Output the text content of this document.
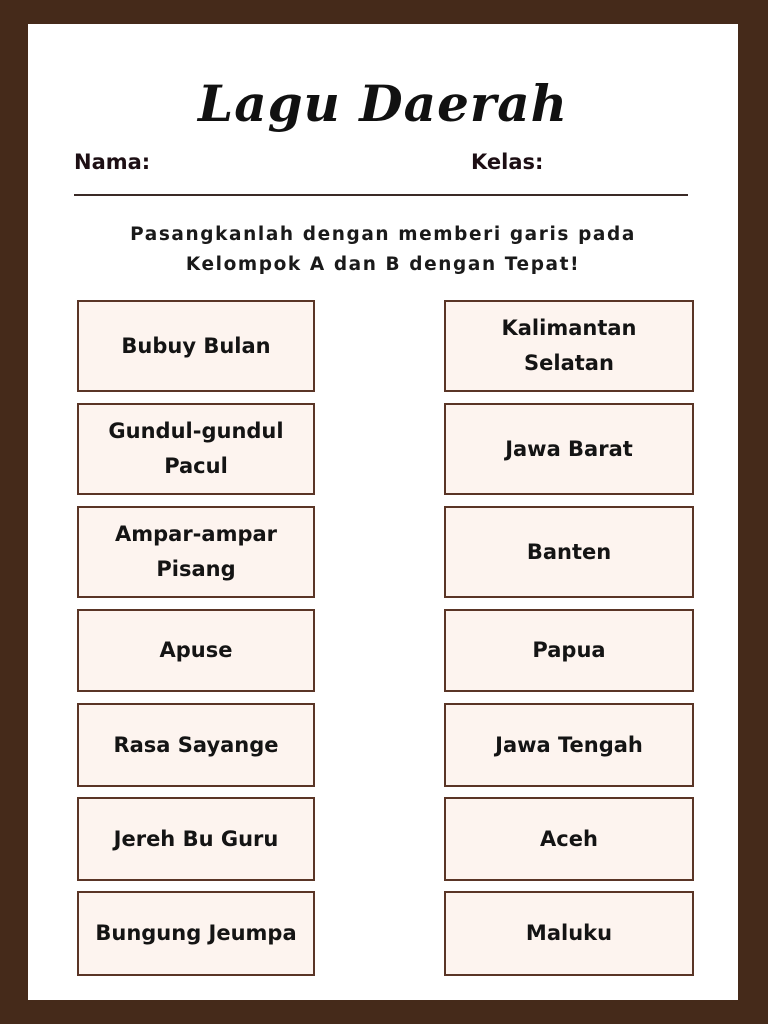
Lagu Daerah
Nama:	Kelas:
Pasangkanlah dengan memberi garis pada
Kelompok A dan B dengan Tepat!
Bubuy Bulan
Gundul-gundul
Pacul
Ampar-ampar
Pisang
Apuse
Rasa Sayange
Jereh Bu Guru
Bungung Jeumpa
Kalimantan
Selatan
Jawa Barat
Banten
Papua
Jawa Tengah
Aceh
Maluku
